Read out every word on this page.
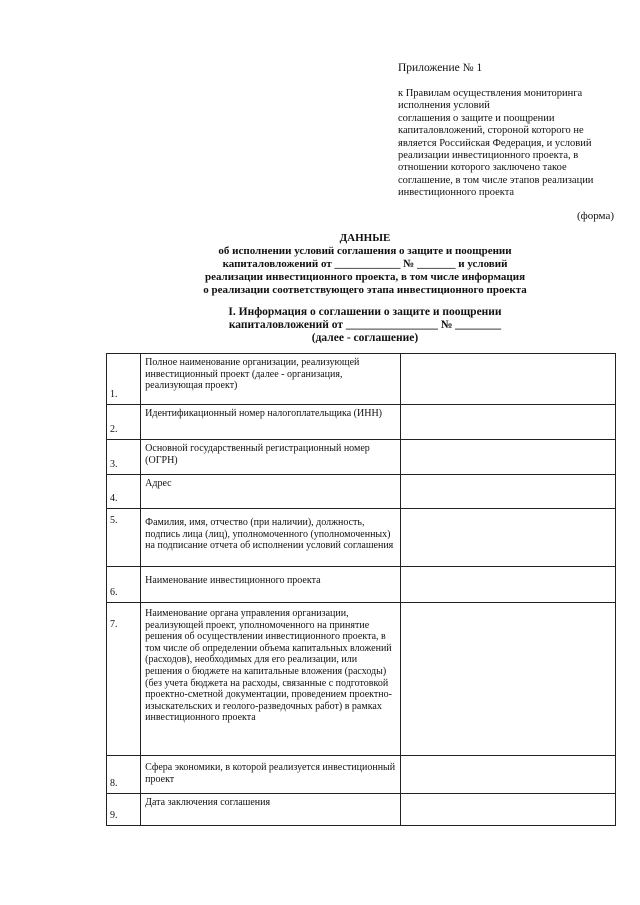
Приложение № 1
к Правилам осуществления мониторинга
исполнения условий
соглашения о защите и поощрении
капиталовложений, стороной которого не
является Российская Федерация, и условий
реализации инвестиционного проекта, в
отношении которого заключено такое
соглашение, в том числе этапов реализации
инвестиционного проекта
(форма)
ДАННЫЕ
об исполнении условий соглашения о защите и поощрении
капиталовложений от ____________ № _______ и условий
реализации инвестиционного проекта, в том числе информация
о реализации соответствующего этапа инвестиционного проекта
I. Информация о соглашении о защите и поощрении
капиталовложений от ________________ № ________
(далее - соглашение)
1.	Полное наименование организации, реализующей инвестиционный проект (далее - организация, реализующая проект)	

2.	Идентификационный номер налогоплательщика (ИНН)	

3.	Основной государственный регистрационный номер (ОГРН)	

4.	Адрес	

5.	Фамилия, имя, отчество (при наличии), должность, подпись лица (лиц), уполномоченного (уполномоченных) на подписание отчета об исполнении условий соглашения	

6.	Наименование инвестиционного проекта	

7.	Наименование органа управления организации, реализующей проект, уполномоченного на принятие решения об осуществлении инвестиционного проекта, в том числе об определении объема капитальных вложений (расходов), необходимых для его реализации, или решения о бюджете на капитальные вложения (расходы) (без учета бюджета на расходы, связанные с подготовкой проектно-сметной документации, проведением проектно-изыскательских и геолого-разведочных работ) в рамках инвестиционного проекта	

8.	Сфера экономики, в которой реализуется инвестиционный проект	

9.	Дата заключения соглашения	
